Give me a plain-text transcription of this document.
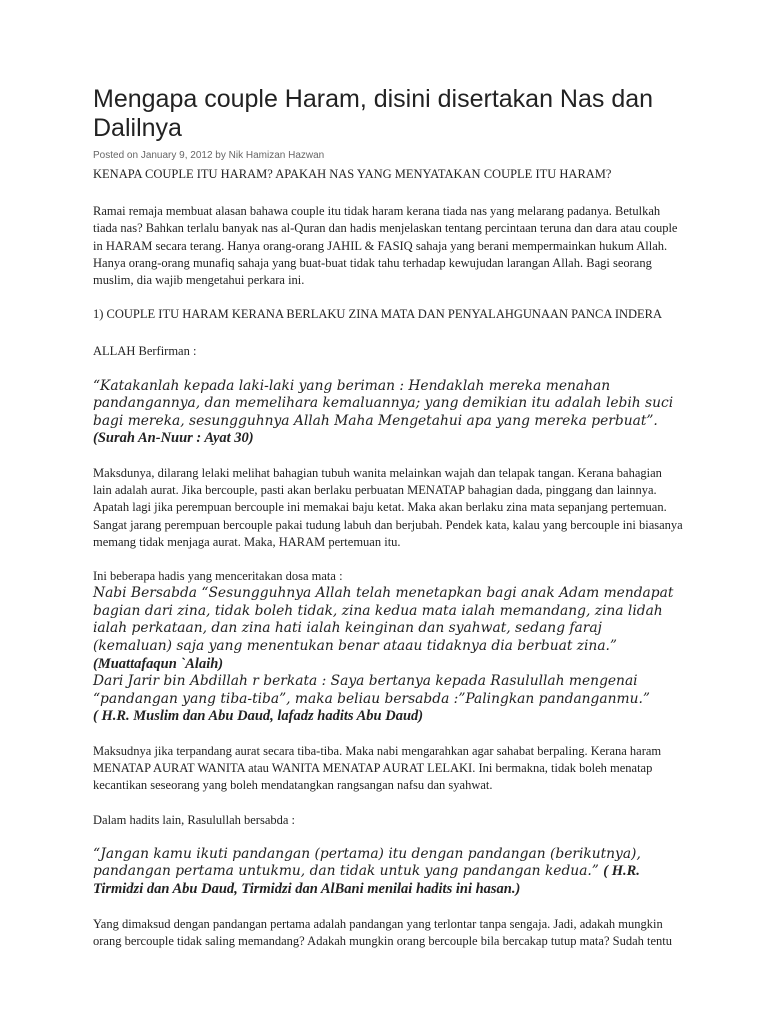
Mengapa couple Haram, disini disertakan Nas dan Dalilnya
Posted on January 9, 2012 by Nik Hamizan Hazwan
KENAPA COUPLE ITU HARAM? APAKAH NAS YANG MENYATAKAN COUPLE ITU HARAM?

Ramai remaja membuat alasan bahawa couple itu tidak haram kerana tiada nas yang melarang padanya. Betulkah tiada nas? Bahkan terlalu banyak nas al-Quran dan hadis menjelaskan tentang percintaan teruna dan dara atau couple in HARAM secara terang. Hanya orang-orang JAHIL & FASIQ sahaja yang berani mempermainkan hukum Allah. Hanya orang-orang munafiq sahaja yang buat-buat tidak tahu terhadap kewujudan larangan Allah. Bagi seorang muslim, dia wajib mengetahui perkara ini.

1) COUPLE ITU HARAM KERANA BERLAKU ZINA MATA DAN PENYALAHGUNAAN PANCA INDERA

ALLAH Berfirman :

“Katakanlah kepada laki-laki yang beriman : Hendaklah mereka menahan pandangannya, dan memelihara kemaluannya; yang demikian itu adalah lebih suci bagi mereka, sesungguhnya Allah Maha Mengetahui apa yang mereka perbuat”. (Surah An-Nuur : Ayat 30)

Maksdunya, dilarang lelaki melihat bahagian tubuh wanita melainkan wajah dan telapak tangan. Kerana bahagian lain adalah aurat. Jika bercouple, pasti akan berlaku perbuatan MENATAP bahagian dada, pinggang dan lainnya. Apatah lagi jika perempuan bercouple ini memakai baju ketat. Maka akan berlaku zina mata sepanjang pertemuan. Sangat jarang perempuan bercouple pakai tudung labuh dan berjubah. Pendek kata, kalau yang bercouple ini biasanya memang tidak menjaga aurat. Maka, HARAM pertemuan itu.

Ini beberapa hadis yang menceritakan dosa mata :

Nabi Bersabda “Sesungguhnya Allah telah menetapkan bagi anak Adam mendapat bagian dari zina, tidak boleh tidak, zina kedua mata ialah memandang, zina lidah ialah perkataan, dan zina hati ialah keinginan dan syahwat, sedang faraj (kemaluan) saja yang menentukan benar ataau tidaknya dia berbuat zina.” (Muattafaqun `Alaih)
Dari Jarir bin Abdillah r berkata : Saya bertanya kepada Rasulullah mengenai “pandangan yang tiba-tiba”, maka beliau bersabda :”Palingkan pandanganmu.”
( H.R. Muslim dan Abu Daud, lafadz hadits Abu Daud)

Maksudnya jika terpandang aurat secara tiba-tiba. Maka nabi mengarahkan agar sahabat berpaling. Kerana haram MENATAP AURAT WANITA atau WANITA MENATAP AURAT LELAKI. Ini bermakna, tidak boleh menatap kecantikan seseorang yang boleh mendatangkan rangsangan nafsu dan syahwat.

Dalam hadits lain, Rasulullah bersabda :

“Jangan kamu ikuti pandangan (pertama) itu dengan pandangan (berikutnya), pandangan pertama untukmu, dan tidak untuk yang pandangan kedua.” ( H.R. Tirmidzi dan Abu Daud, Tirmidzi dan AlBani menilai hadits ini hasan.)

Yang dimaksud dengan pandangan pertama adalah pandangan yang terlontar tanpa sengaja. Jadi, adakah mungkin orang bercouple tidak saling memandang? Adakah mungkin orang bercouple bila bercakap tutup mata? Sudah tentu
